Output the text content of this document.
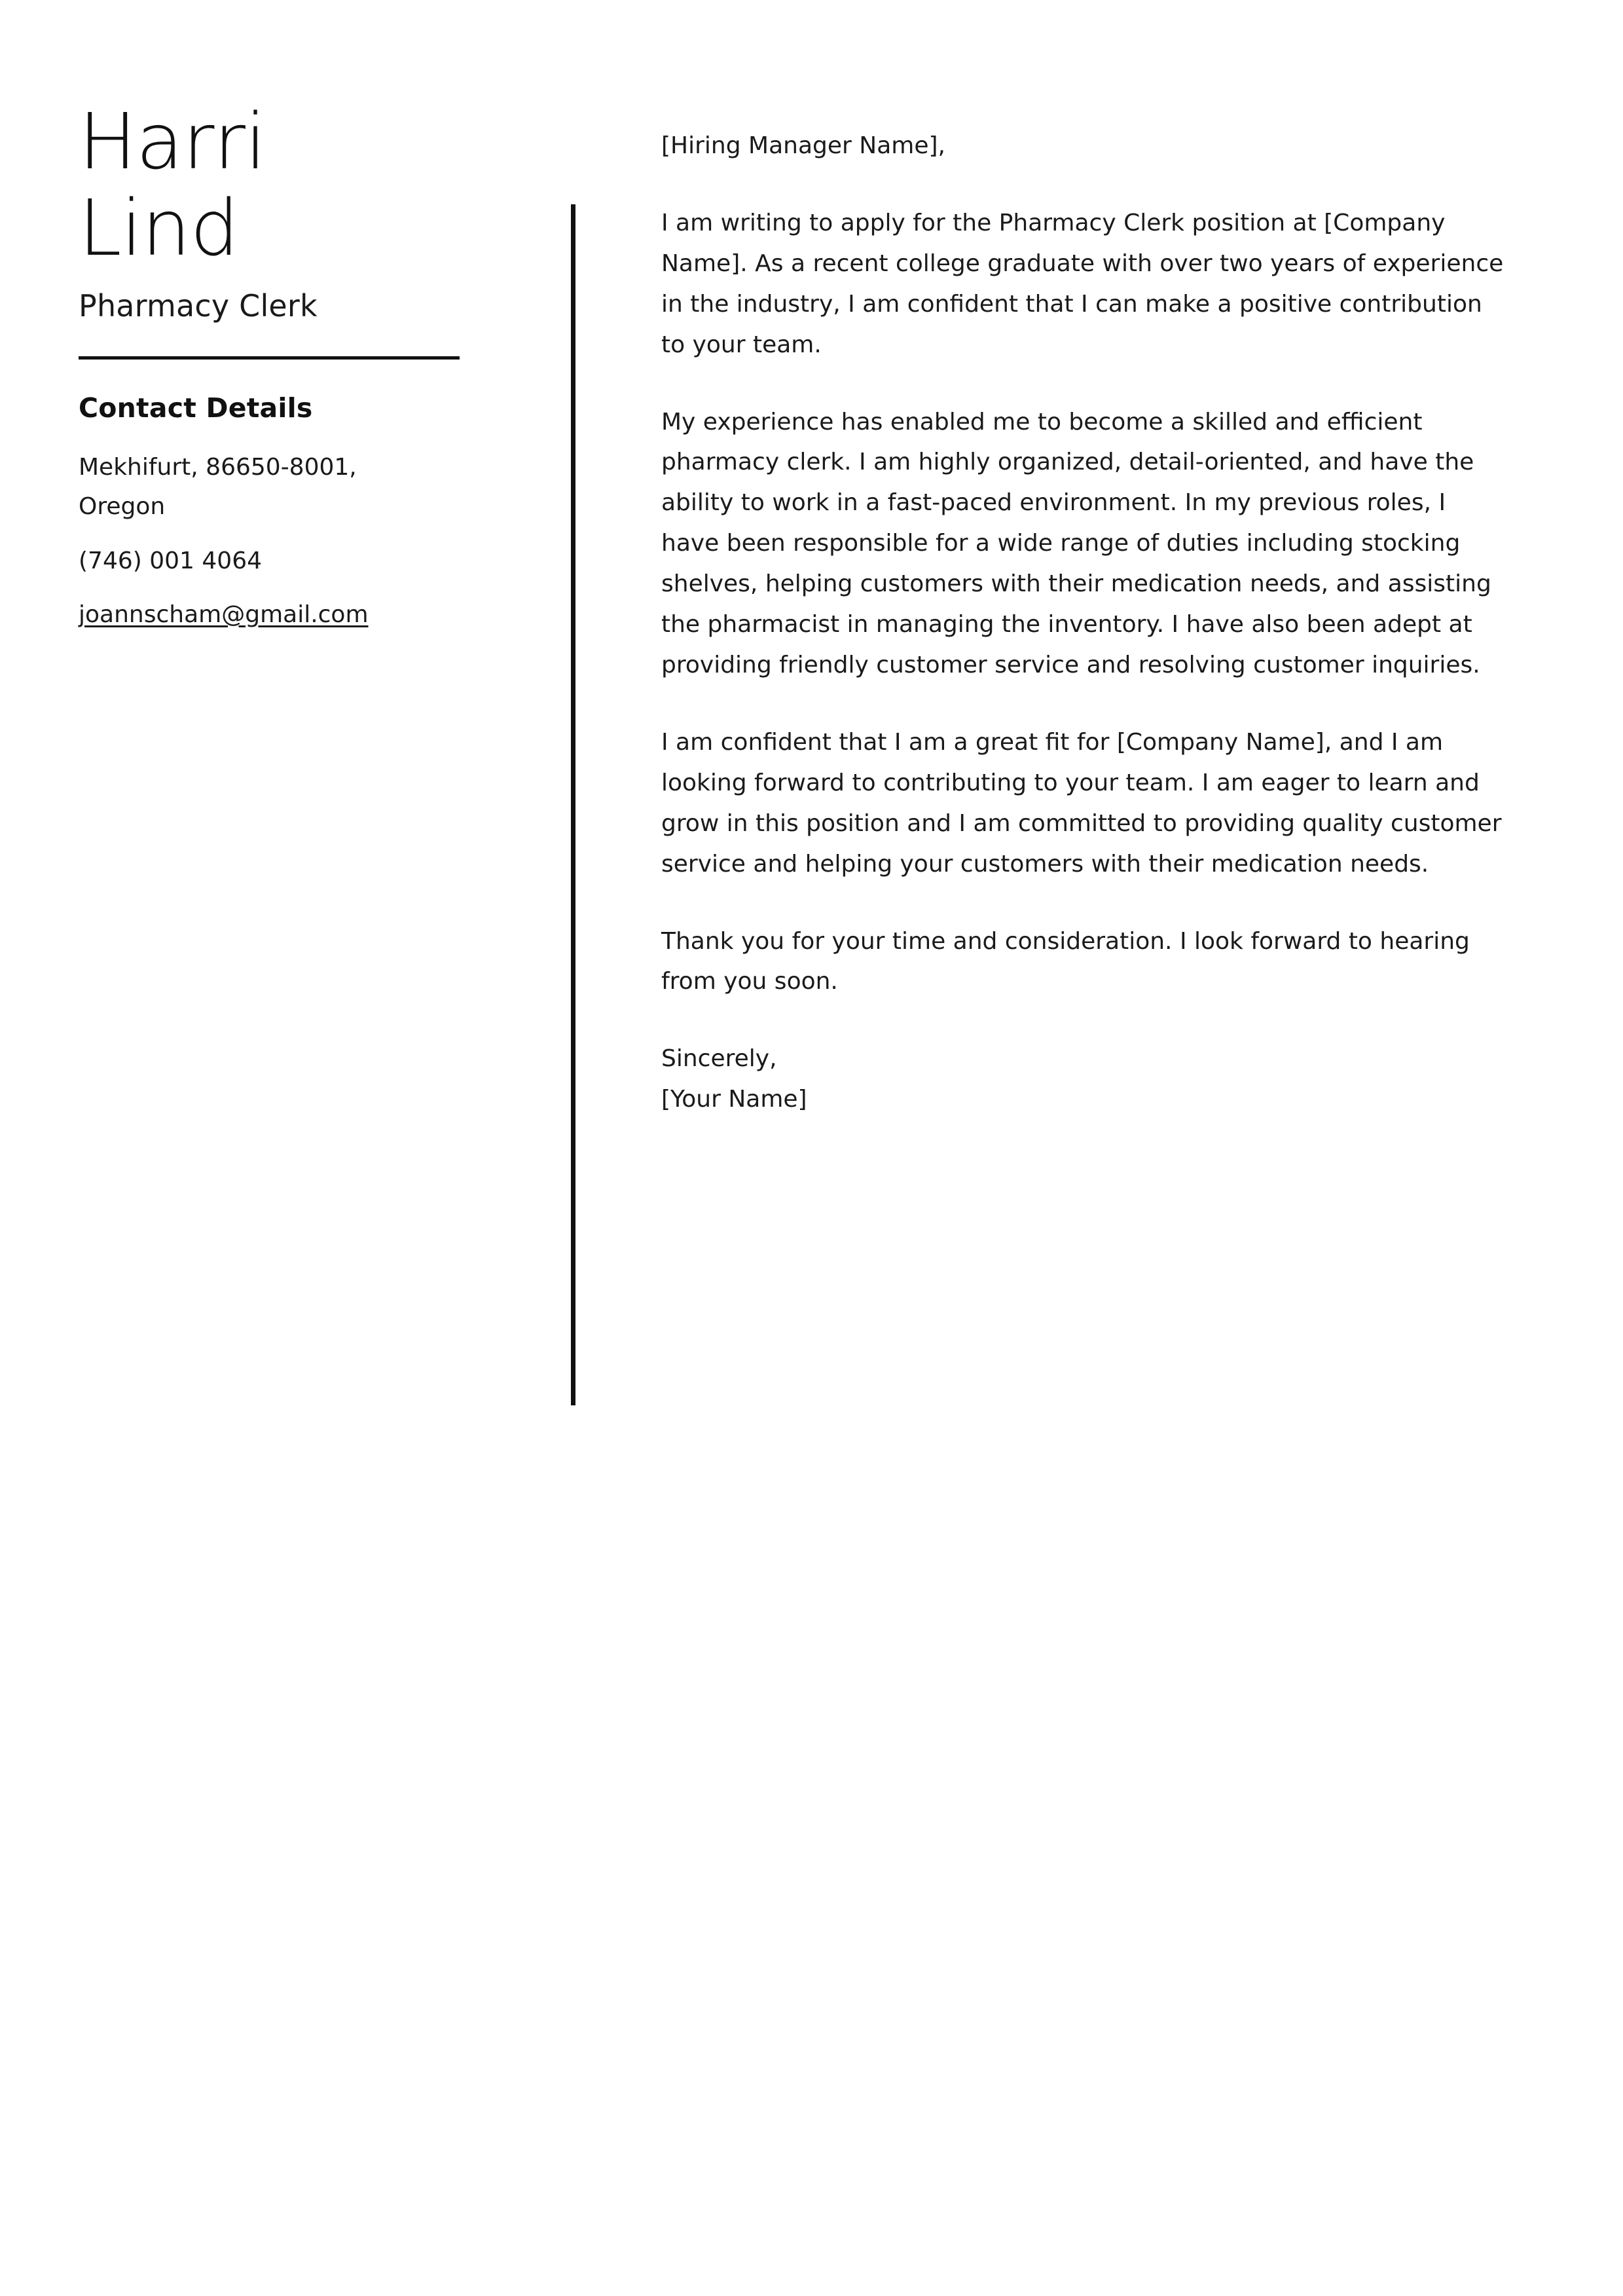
Harri
Lind
Pharmacy Clerk
Contact Details
Mekhifurt, 86650-8001, Oregon
(746) 001 4064
joannscham@gmail.com

[Hiring Manager Name],

I am writing to apply for the Pharmacy Clerk position at [Company Name]. As a recent college graduate with over two years of experience in the industry, I am confident that I can make a positive contribution to your team.

My experience has enabled me to become a skilled and efficient pharmacy clerk. I am highly organized, detail-oriented, and have the ability to work in a fast-paced environment. In my previous roles, I have been responsible for a wide range of duties including stocking shelves, helping customers with their medication needs, and assisting the pharmacist in managing the inventory. I have also been adept at providing friendly customer service and resolving customer inquiries.

I am confident that I am a great fit for [Company Name], and I am looking forward to contributing to your team. I am eager to learn and grow in this position and I am committed to providing quality customer service and helping your customers with their medication needs.

Thank you for your time and consideration. I look forward to hearing from you soon.

Sincerely,
[Your Name]
